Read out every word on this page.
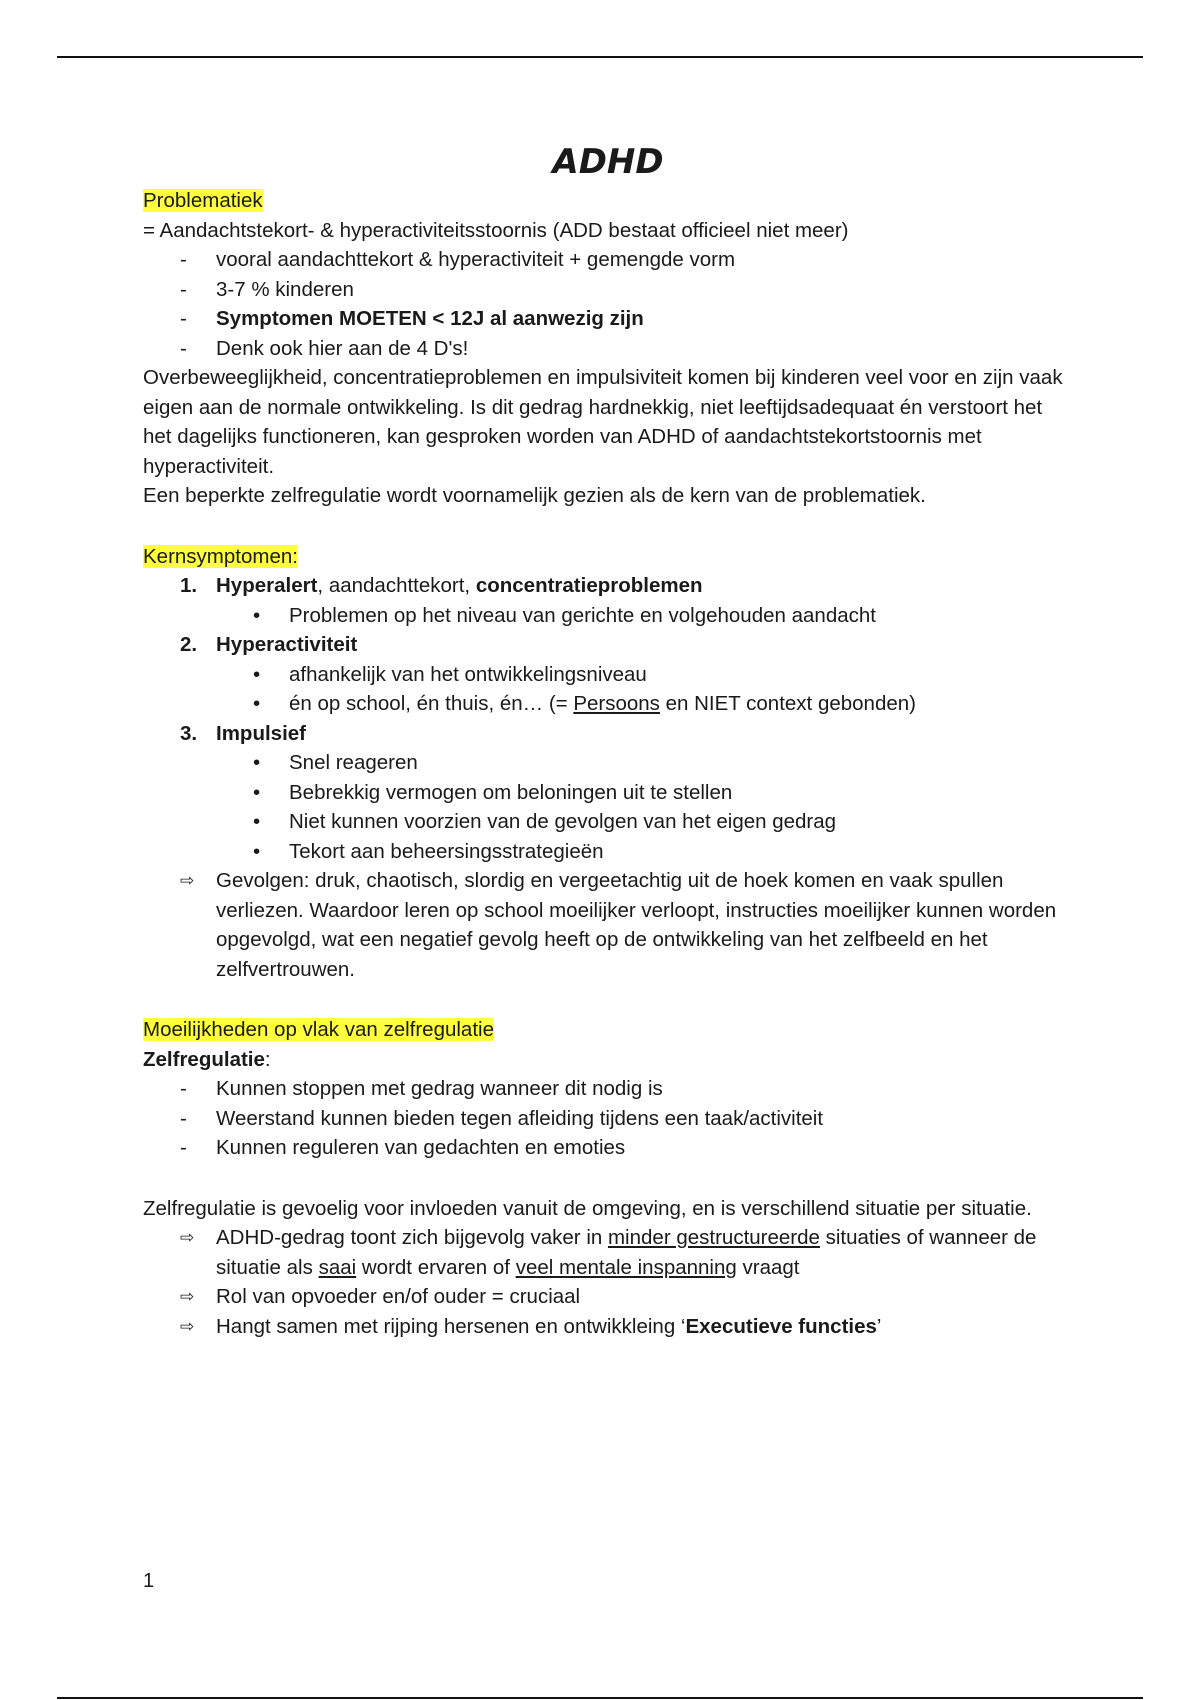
ADHD

Problematiek

= Aandachtstekort- & hyperactiviteitsstoornis (ADD bestaat officieel niet meer)

- vooral aandachttekort & hyperactiviteit + gemengde vorm
- 3-7 % kinderen
- Symptomen MOETEN < 12J al aanwezig zijn
- Denk ook hier aan de 4 D's!

Overbeweeglijkheid, concentratieproblemen en impulsiviteit komen bij kinderen veel voor en zijn vaak eigen aan de normale ontwikkeling. Is dit gedrag hardnekkig, niet leeftijdsadequaat én verstoort het het dagelijks functioneren, kan gesproken worden van ADHD of aandachtstekortstoornis met hyperactiviteit.

Een beperkte zelfregulatie wordt voornamelijk gezien als de kern van de problematiek.

Kernsymptomen:

1. Hyperalert, aandachttekort, concentratieproblemen
• Problemen op het niveau van gerichte en volgehouden aandacht
2. Hyperactiviteit
• afhankelijk van het ontwikkelingsniveau
• én op school, én thuis, én… (= Persoons en NIET context gebonden)
3. Impulsief
• Snel reageren
• Bebrekkig vermogen om beloningen uit te stellen
• Niet kunnen voorzien van de gevolgen van het eigen gedrag
• Tekort aan beheersingsstrategieën
⇨ Gevolgen: druk, chaotisch, slordig en vergeetachtig uit de hoek komen en vaak spullen verliezen. Waardoor leren op school moeilijker verloopt, instructies moeilijker kunnen worden opgevolgd, wat een negatief gevolg heeft op de ontwikkeling van het zelfbeeld en het zelfvertrouwen.

Moeilijkheden op vlak van zelfregulatie

Zelfregulatie:

- Kunnen stoppen met gedrag wanneer dit nodig is
- Weerstand kunnen bieden tegen afleiding tijdens een taak/activiteit
- Kunnen reguleren van gedachten en emoties

Zelfregulatie is gevoelig voor invloeden vanuit de omgeving, en is verschillend situatie per situatie.

⇨ ADHD-gedrag toont zich bijgevolg vaker in minder gestructureerde situaties of wanneer de situatie als saai wordt ervaren of veel mentale inspanning vraagt
⇨ Rol van opvoeder en/of ouder = cruciaal
⇨ Hangt samen met rijping hersenen en ontwikkleing ‘Executieve functies’
1
